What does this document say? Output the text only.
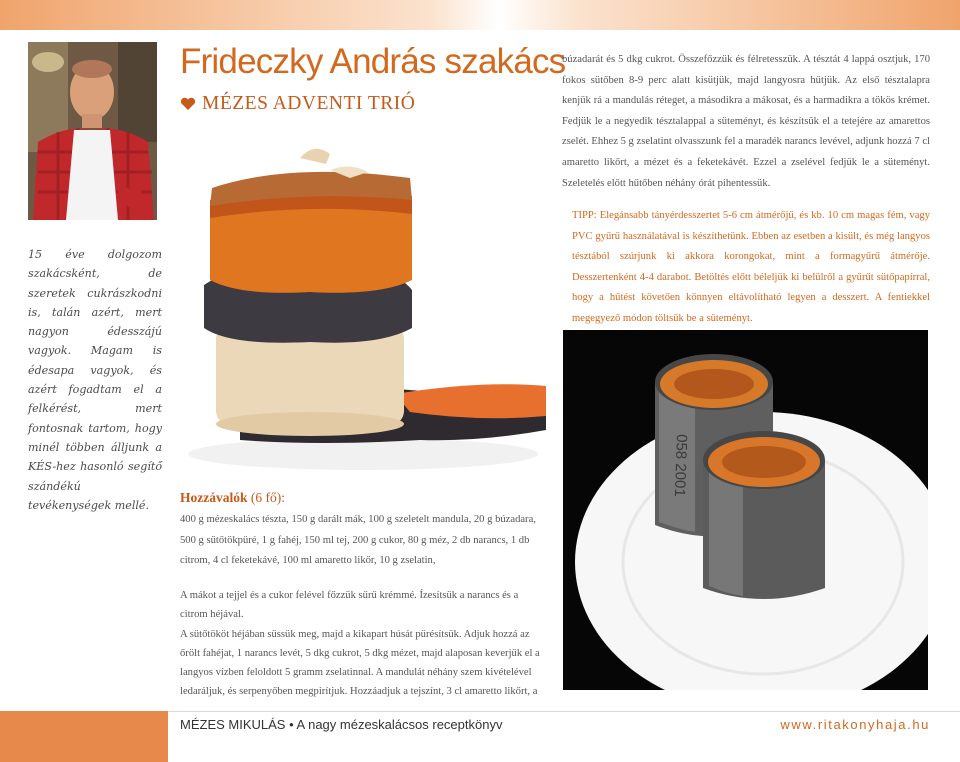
15 éve dolgozom szakácsként, de szeretek cukrászkodni is, talán azért, mert nagyon édesszájú vagyok. Magam is édesapa vagyok, és azért fogadtam el a felkérést, mert fontosnak tartom, hogy minél többen álljunk a KÉS-hez hasonló segítő szándékú tevékenységek mellé.
Frideczky András szakács
MÉZES ADVENTI TRIÓ
búzadarát és 5 dkg cukrot. Összefőzzük és félretesszük. A tésztát 4 lappá osztjuk, 170 fokos sütőben 8-9 perc alatt kisütjük, majd langyosra hűtjük. Az első tésztalapra kenjük rá a mandulás réteget, a másodikra a mákosat, és a harmadikra a tökös krémet. Fedjük le a negyedik tésztalappal a süteményt, és készítsük el a tetejére az amarettos zselét. Ehhez 5 g zselatint olvasszunk fel a maradék narancs levével, adjunk hozzá 7 cl amaretto likőrt, a mézet és a feketekávét. Ezzel a zselével fedjük le a süteményt. Szeletelés előtt hűtőben néhány órát pihentessük.
TIPP: Elegánsabb tányérdesszertet 5-6 cm átmérőjű, és kb. 10 cm magas fém, vagy PVC gyűrű használatával is készíthetünk. Ebben az esetben a kisült, és még langyos tésztából szúrjunk ki akkora korongokat, mint a formagyűrű átmérője. Desszertenként 4-4 darabot. Betöltés előtt béleljük ki belülről a gyűrűt sütőpapírral, hogy a hűtést követően könnyen eltávolítható legyen a desszert. A fentiekkel megegyező módon töltsük be a süteményt.
058 2001
Hozzávalók (6 fő):
400 g mézeskalács tészta, 150 g darált mák, 100 g szeletelt mandula, 20 g búzadara, 500 g sütőtökpüré, 1 g fahéj, 150 ml tej, 200 g cukor, 80 g méz, 2 db narancs, 1 db citrom, 4 cl feketekávé, 100 ml amaretto likőr, 10 g zselatin,

A mákot a tejjel és a cukor felével főzzük sűrű krémmé. Ízesítsük a narancs és a citrom héjával.

A sütőtököt héjában süssük meg, majd a kikapart húsát pürésítsük. Adjuk hozzá az őrölt fahéjat, 1 narancs levét, 5 dkg cukrot, 5 dkg mézet, majd alaposan keverjük el a langyos vízben feloldott 5 gramm zselatinnal. A mandulát néhány szem kivételével ledaráljuk, és serpenyőben megpirítjuk. Hozzáadjuk a tejszínt, 3 cl amaretto likőrt, a

MÉZES MIKULÁS • A nagy mézeskalácsos receptkönyv	www.ritakonyhaja.hu
